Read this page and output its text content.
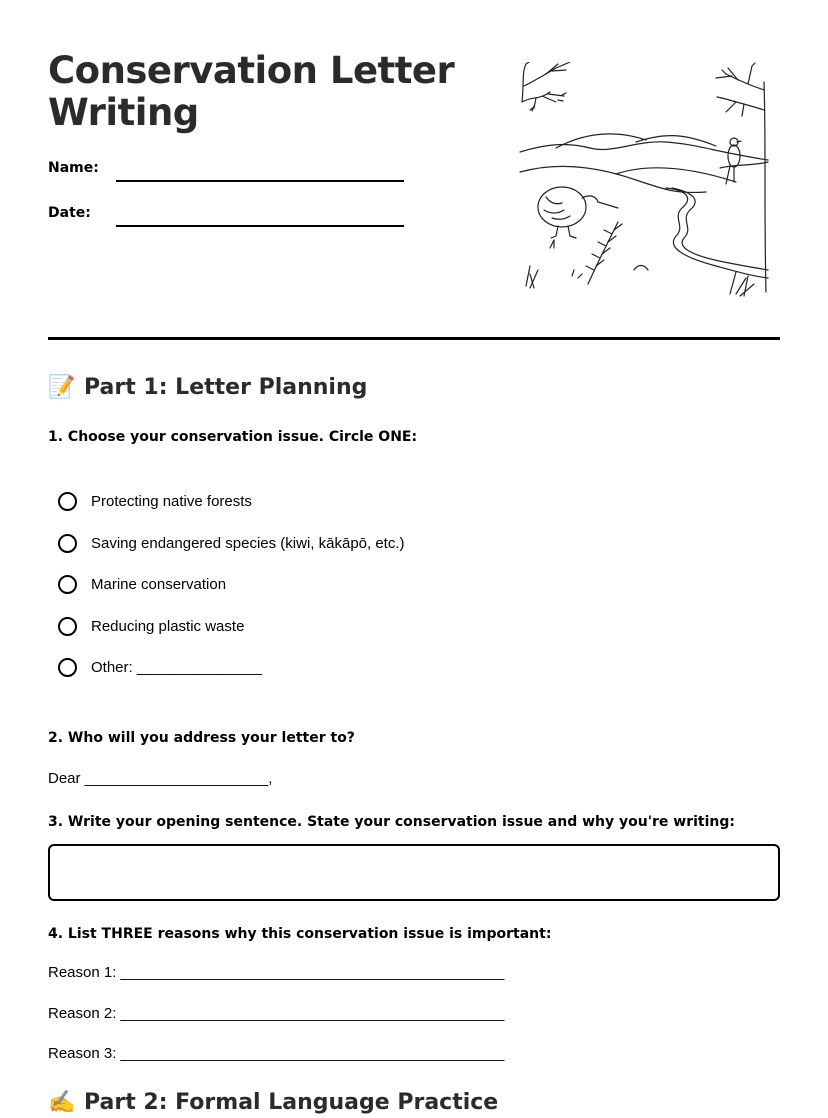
Conservation Letter Writing
Name:
Date:
📝 Part 1: Letter Planning

1. Choose your conservation issue. Circle ONE:

Protecting native forests
Saving endangered species (kiwi, kākāpō, etc.)
Marine conservation
Reducing plastic waste
Other: _______________

2. Who will you address your letter to?

Dear ______________________,

3. Write your opening sentence. State your conservation issue and why you're writing:

4. List THREE reasons why this conservation issue is important:

Reason 1: ______________________________________________
Reason 2: ______________________________________________
Reason 3: ______________________________________________
✍️ Part 2: Formal Language Practice
